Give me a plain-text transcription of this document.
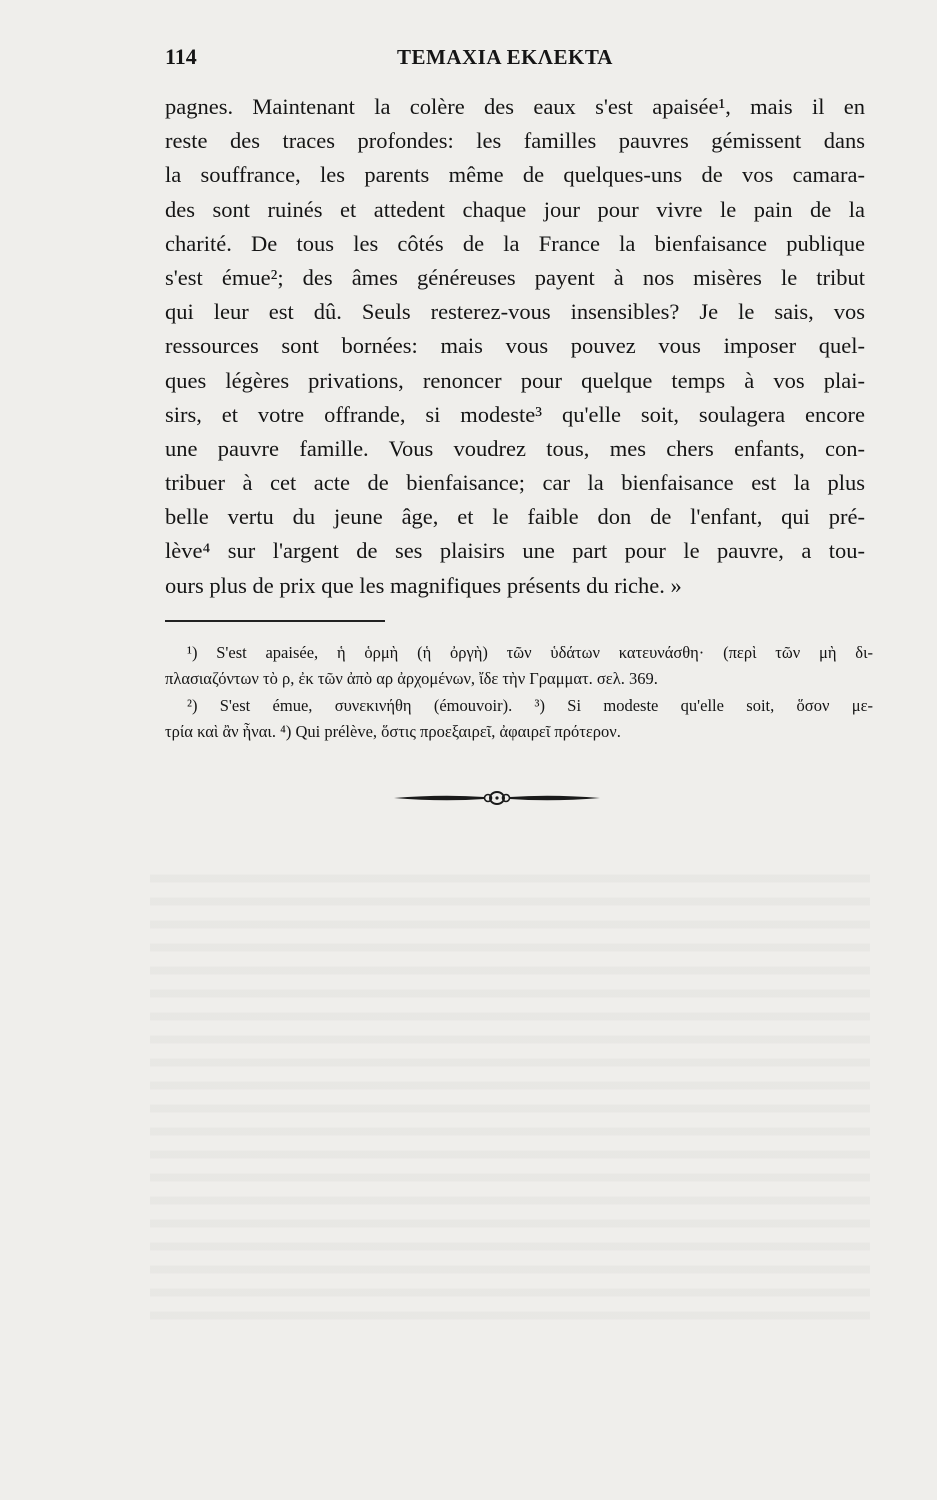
114	ΤΕΜΑΧΙΑ ΕΚΛΕΚΤΑ
pagnes. Maintenant la colère des eaux s'est apaisée¹, mais il en
reste des traces profondes: les familles pauvres gémissent dans
la souffrance, les parents même de quelques-uns de vos camara-
des sont ruinés et attedent chaque jour pour vivre le pain de la
charité. De tous les côtés de la France la bienfaisance publique
s'est émue²; des âmes généreuses payent à nos misères le tribut
qui leur est dû. Seuls resterez-vous insensibles? Je le sais, vos
ressources sont bornées: mais vous pouvez vous imposer quel-
ques légères privations, renoncer pour quelque temps à vos plai-
sirs, et votre offrande, si modeste³ qu'elle soit, soulagera encore
une pauvre famille. Vous voudrez tous, mes chers enfants, con-
tribuer à cet acte de bienfaisance; car la bienfaisance est la plus
belle vertu du jeune âge, et le faible don de l'enfant, qui pré-
lève⁴ sur l'argent de ses plaisirs une part pour le pauvre, a tou-
ours plus de prix que les magnifiques présents du riche. »
¹) S'est apaisée, ἡ ὁρμὴ (ἡ ὀργὴ) τῶν ὑδάτων κατευνάσθη· (περὶ τῶν μὴ δι-
πλασιαζόντων τὸ ρ, ἐκ τῶν ἀπὸ αρ ἀρχομένων, ἴδε τὴν Γραμματ. σελ. 369.
²) S'est émue, συνεκινήθη (émouvoir). ³) Si modeste qu'elle soit, ὅσον με-
τρία καὶ ἂν ἦναι. ⁴) Qui prélève, ὅστις προεξαιρεῖ, ἀφαιρεῖ πρότερον.
